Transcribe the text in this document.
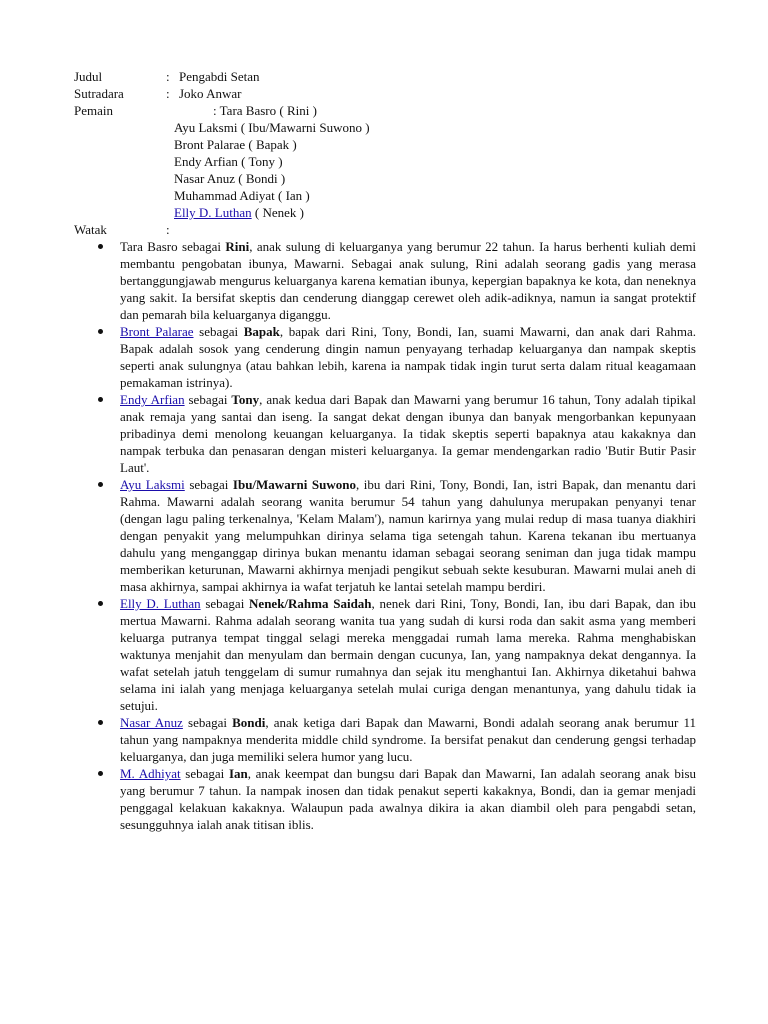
Judul	: Pengabdi Setan
Sutradara	: Joko Anwar
Pemain	: Tara Basro ( Rini )
Ayu Laksmi ( Ibu/Mawarni Suwono )
Bront Palarae ( Bapak )
Endy Arfian ( Tony )
Nasar Anuz ( Bondi )
Muhammad Adiyat ( Ian )
Elly D. Luthan ( Nenek )
Watak	:

Tara Basro sebagai Rini, anak sulung di keluarganya yang berumur 22 tahun. Ia harus berhenti kuliah demi membantu pengobatan ibunya, Mawarni. Sebagai anak sulung, Rini adalah seorang gadis yang merasa bertanggungjawab mengurus keluarganya karena kematian ibunya, kepergian bapaknya ke kota, dan neneknya yang sakit. Ia bersifat skeptis dan cenderung dianggap cerewet oleh adik-adiknya, namun ia sangat protektif dan pemarah bila keluarganya diganggu.

Bront Palarae sebagai Bapak, bapak dari Rini, Tony, Bondi, Ian, suami Mawarni, dan anak dari Rahma. Bapak adalah sosok yang cenderung dingin namun penyayang terhadap keluarganya dan nampak skeptis seperti anak sulungnya (atau bahkan lebih, karena ia nampak tidak ingin turut serta dalam ritual keagamaan pemakaman istrinya).

Endy Arfian sebagai Tony, anak kedua dari Bapak dan Mawarni yang berumur 16 tahun, Tony adalah tipikal anak remaja yang santai dan iseng. Ia sangat dekat dengan ibunya dan banyak mengorbankan kepunyaan pribadinya demi menolong keuangan keluarganya. Ia tidak skeptis seperti bapaknya atau kakaknya dan nampak terbuka dan penasaran dengan misteri keluarganya. Ia gemar mendengarkan radio 'Butir Butir Pasir Laut'.

Ayu Laksmi sebagai Ibu/Mawarni Suwono, ibu dari Rini, Tony, Bondi, Ian, istri Bapak, dan menantu dari Rahma. Mawarni adalah seorang wanita berumur 54 tahun yang dahulunya merupakan penyanyi tenar (dengan lagu paling terkenalnya, 'Kelam Malam'), namun karirnya yang mulai redup di masa tuanya diakhiri dengan penyakit yang melumpuhkan dirinya selama tiga setengah tahun. Karena tekanan ibu mertuanya dahulu yang menganggap dirinya bukan menantu idaman sebagai seorang seniman dan juga tidak mampu memberikan keturunan, Mawarni akhirnya menjadi pengikut sebuah sekte kesuburan. Mawarni mulai aneh di masa akhirnya, sampai akhirnya ia wafat terjatuh ke lantai setelah mampu berdiri.

Elly D. Luthan sebagai Nenek/Rahma Saidah, nenek dari Rini, Tony, Bondi, Ian, ibu dari Bapak, dan ibu mertua Mawarni. Rahma adalah seorang wanita tua yang sudah di kursi roda dan sakit asma yang memberi keluarga putranya tempat tinggal selagi mereka menggadai rumah lama mereka. Rahma menghabiskan waktunya menjahit dan menyulam dan bermain dengan cucunya, Ian, yang nampaknya dekat dengannya. Ia wafat setelah jatuh tenggelam di sumur rumahnya dan sejak itu menghantui Ian. Akhirnya diketahui bahwa selama ini ialah yang menjaga keluarganya setelah mulai curiga dengan menantunya, yang dahulu tidak ia setujui.

Nasar Anuz sebagai Bondi, anak ketiga dari Bapak dan Mawarni, Bondi adalah seorang anak berumur 11 tahun yang nampaknya menderita middle child syndrome. Ia bersifat penakut dan cenderung gengsi terhadap keluarganya, dan juga memiliki selera humor yang lucu.

M. Adhiyat sebagai Ian, anak keempat dan bungsu dari Bapak dan Mawarni, Ian adalah seorang anak bisu yang berumur 7 tahun. Ia nampak inosen dan tidak penakut seperti kakaknya, Bondi, dan ia gemar menjadi penggagal kelakuan kakaknya. Walaupun pada awalnya dikira ia akan diambil oleh para pengabdi setan, sesungguhnya ialah anak titisan iblis.
